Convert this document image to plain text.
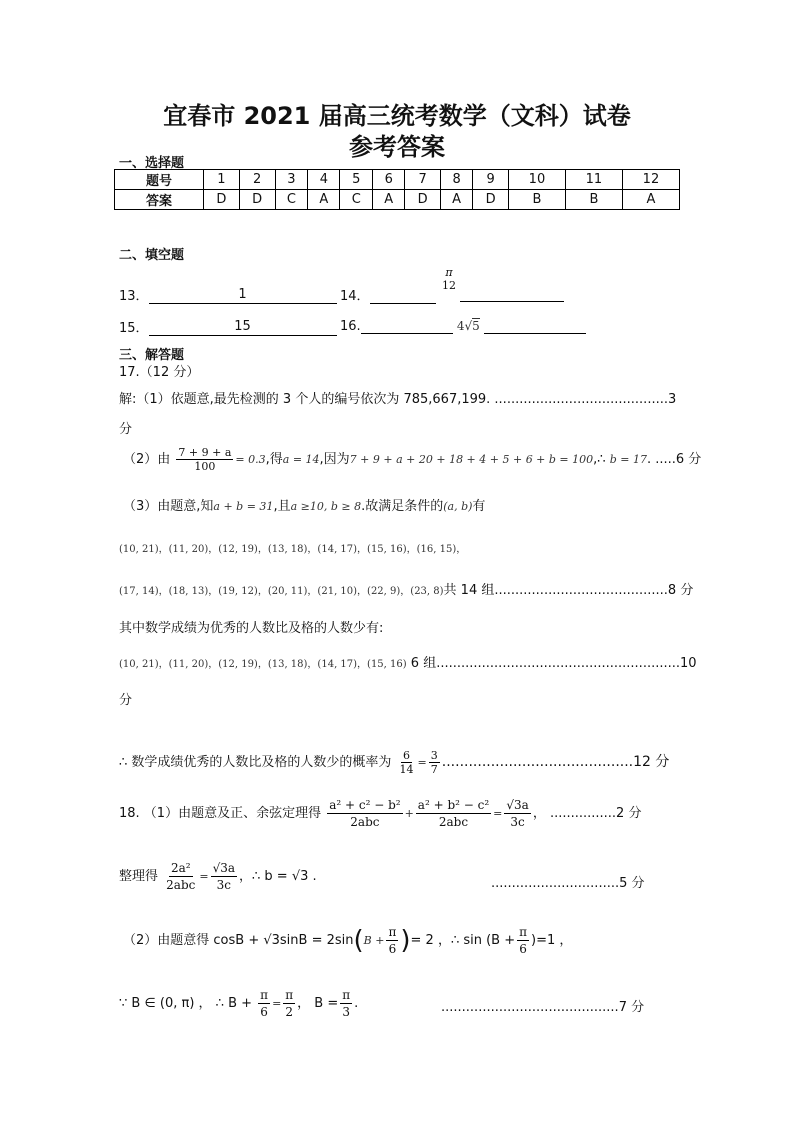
宜春市 2021 届高三统考数学（文科）试卷
参考答案
一、选择题
题号	1	2	3	4	5	6	7	8	9	10	11	12
答案	D	D	C	A	C	A	D	A	D	B	B	A
二、填空题
13．	1	14．
π
12
15．	15	16.	4√5
三、解答题
17.（12 分）
解:（1）依题意,最先检测的 3 个人的编号依次为 785,667,199. ..........................................3
分
（2）由 $\frac{7 + 9 + a}{100} = 0.3$,得a = 14,因为7 + 9 + a + 20 + 18 + 4 + 5 + 6 + b = 100,∴ b = 17. .....6 分
（3）由题意,知a + b = 31,且a ≥10, b ≥ 8.故满足条件的(a, b)有
(10, 21)，(11, 20)，(12, 19)，(13, 18)，(14, 17)，(15, 16)，(16, 15)，
(17, 14)，(18, 13)，(19, 12)，(20, 11)，(21, 10)，(22, 9)，(23, 8)共 14 组..........................................8 分
其中数学成绩为优秀的人数比及格的人数少有:
(10, 21)，(11, 20)，(12, 19)，(13, 18)，(14, 17)，(15, 16) 6 组...........................................................10
分
∴ 数学成绩优秀的人数比及格的人数少的概率为 $\frac{6}{14} = \frac{3}{7} ...........................................12$ 分
18. （1）由题意及正、余弦定理得 $\frac{\text{a² + c² − b²}}{\text{2abc}} + \frac{\text{a² + b² − c²}}{\text{2abc}} = \frac{√3a}{3c}$ ， ................2 分
整理得 $\frac{\text{2a²}}{\text{2abc}} = \frac{√3a}{3c}$ ，∴ b = √3 .	...............................5 分
（2）由题意得 $\cos B + √3\sin B = 2\sin(B + \frac{\pi}{6}$ )= 2 ，∴ $\sin (B + \frac{\pi}{6} )=1$ ，
∵ B ∈ (0, π) ， ∴ $B + \frac{\pi}{6} = \frac{\pi}{2}$ ， $B = \frac{\pi}{3}$ .	...........................................7 分
